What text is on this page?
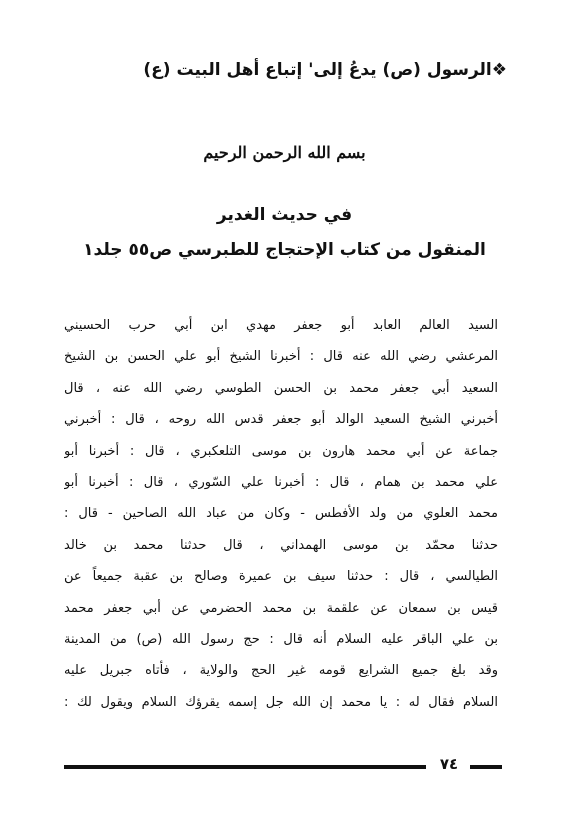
❖الرسول (ص) يدعُ إلى' إتباع أهل البيت (ع)
بسم الله الرحمن الرحيم
في حديث الغدير
المنقول من كتاب الإحتجاج للطبرسي ص٥٥ جلد١
السيد العالم العابد أبو جعفر مهدي ابن أبي حرب الحسيني
المرعشي رضي الله عنه قال : أخبرنا الشيخ أبو علي الحسن بن الشيخ
السعيد أبي جعفر محمد بن الحسن الطوسي رضي الله عنه ، قال
أخبرني الشيخ السعيد الوالد أبو جعفر قدس الله روحه ، قال : أخبرني
جماعة عن أبي محمد هارون بن موسى التلعكبري ، قال : أخبرنا أبو
علي محمد بن همام ، قال : أخبرنا علي السّوري ، قال : أخبرنا أبو
محمد العلوي من ولد الأفطس - وكان من عباد الله الصاحين - قال :
حدثنا محمّد بن موسى الهمداني ، قال حدثنا محمد بن خالد
الطيالسي ، قال : حدثنا سيف بن عميرة وصالح بن عقبة جميعاً عن
قيس بن سمعان عن علقمة بن محمد الحضرمي عن أبي جعفر محمد
بن علي الباقر عليه السلام أنه قال : حج رسول الله (ص) من المدينة
وقد بلغ جميع الشرايع قومه غير الحج والولاية ، فأتاه جبريل عليه
السلام فقال له : يا محمد إن الله جل إسمه يقرؤك السلام ويقول لك :
٧٤
